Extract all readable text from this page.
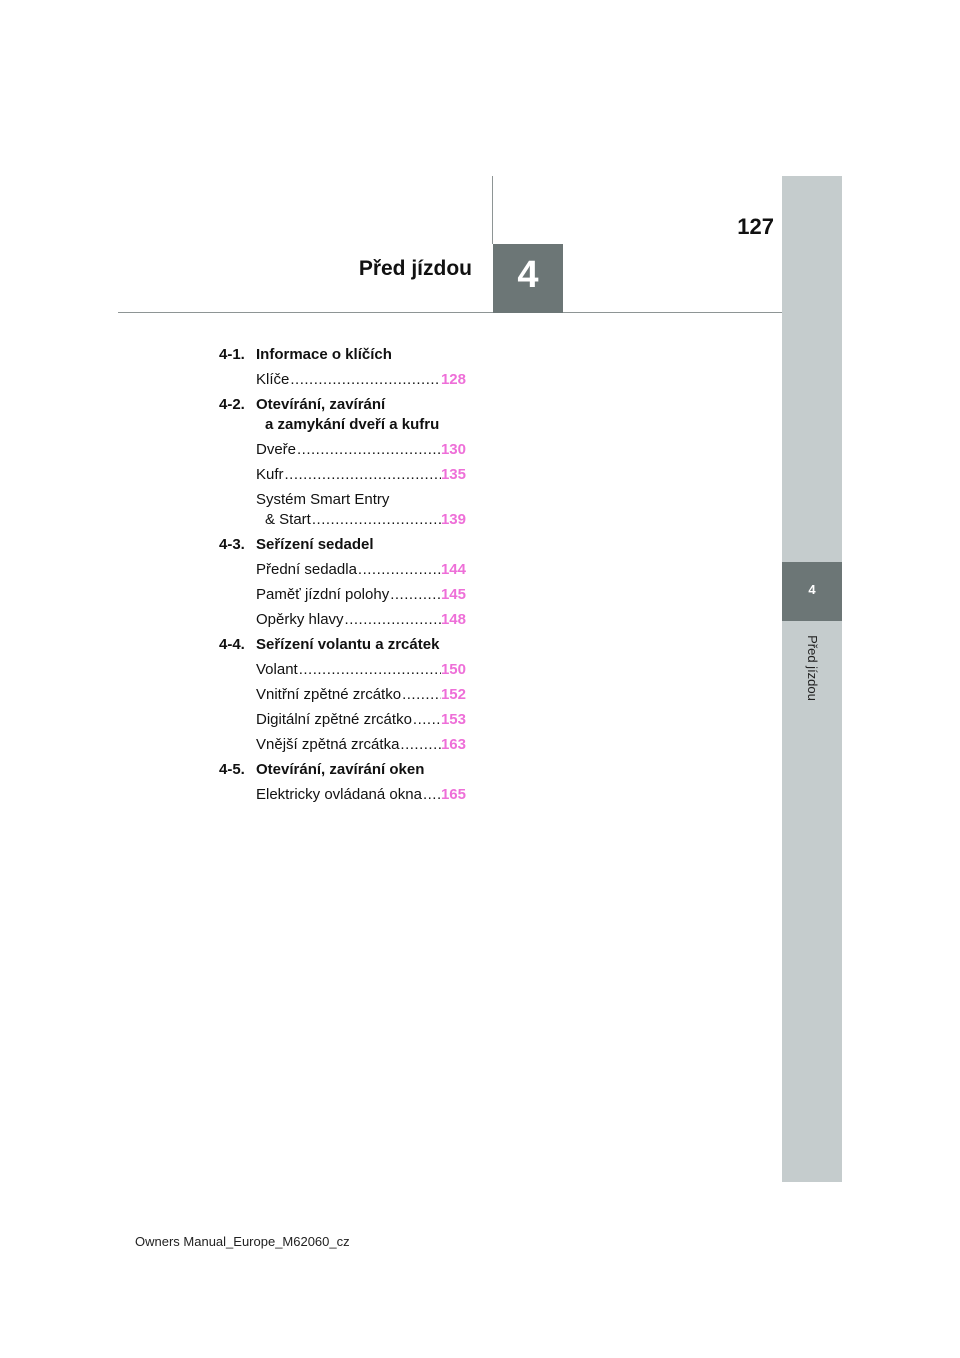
4
Před jízdou
4
127
Před jízdou
4-1. Informace o klíčích
Klíče .....	128
4-2. Otevírání, zavírání
a zamykání dveří a kufru
Dveře .....	130
Kufr .....	135
Systém Smart Entry
& Start .....	139
4-3. Seřízení sedadel
Přední sedadla .....	144
Paměť jízdní polohy .....	145
Opěrky hlavy .....	148
4-4. Seřízení volantu a zrcátek
Volant .....	150
Vnitřní zpětné zrcátko .....	152
Digitální zpětné zrcátko ..... 153
Vnější zpětná zrcátka .....	163
4-5. Otevírání, zavírání oken
Elektricky ovládaná okna ..... 165
Owners Manual_Europe_M62060_cz
